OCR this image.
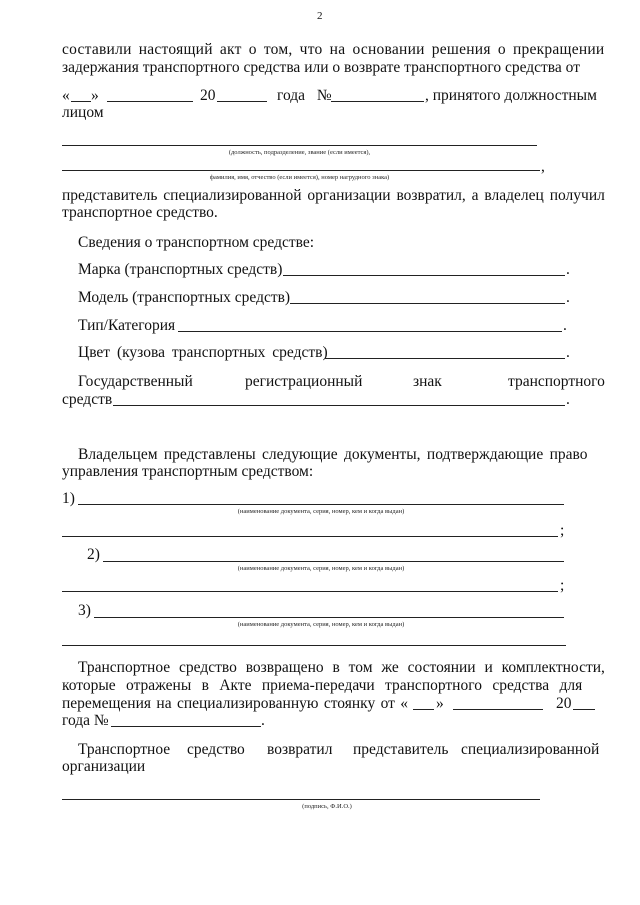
2
составили настоящий акт о том, что на основании решения о прекращении
задержания транспортного средства или о возврате транспортного средства от
« »	20	года №	, принятого должностным
лицом
(должность, подразделение, звание (если имеется),
,
фамилия, имя, отчество (если имеется), номер нагрудного знака)
представитель специализированной организации возвратил, а владелец получил
транспортное средство.
Сведения о транспортном средстве:
Марка (транспортных средств)	.
Модель (транспортных средств)	.
Тип/Категория	.
Цвет (кузова транспортных средств)	.
Государственный	регистрационный	знак	транспортного
средств	.
Владельцем представлены следующие документы, подтверждающие право
управления транспортным средством:
1)
(наименование документа, серия, номер, кем и когда выдан)
;
2)
(наименование документа, серия, номер, кем и когда выдан)
;
3)
(наименование документа, серия, номер, кем и когда выдан)
Транспортное средство возвращено в том же состоянии и комплектности,
которые отражены в Акте приема-передачи транспортного средства для
перемещения на специализированную стоянку от « »	20
года №	.
Транспортное средство возвратил представитель специализированной
организации
(подпись, Ф.И.О.)
